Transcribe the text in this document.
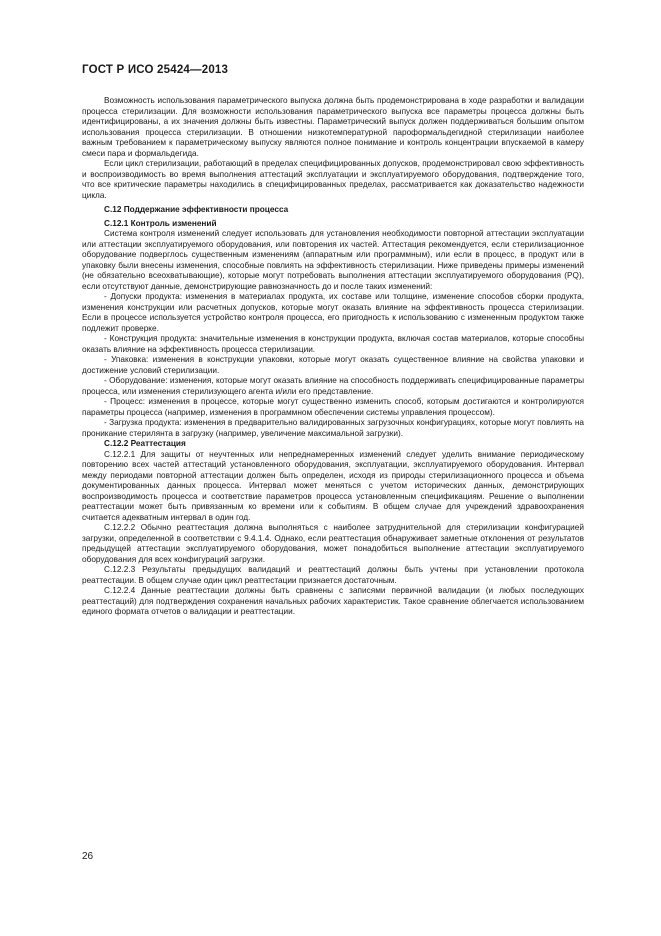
ГОСТ Р ИСО 25424—2013

Возможность использования параметрического выпуска должна быть продемонстрирована в ходе разработки и валидации процесса стерилизации. Для возможности использования параметрического выпуска все параметры процесса должны быть идентифицированы, а их значения должны быть известны. Параметрический выпуск должен поддерживаться большим опытом использования процесса стерилизации. В отношении низкотемпературной пароформальдегидной стерилизации наиболее важным требованием к параметрическому выпуску являются полное понимание и контроль концентрации впускаемой в камеру смеси пара и формальдегида.

Если цикл стерилизации, работающий в пределах специфицированных допусков, продемонстрировал свою эффективность и воспроизводимость во время выполнения аттестаций эксплуатации и эксплуатируемого оборудования, подтверждение того, что все критические параметры находились в специфицированных пределах, рассматривается как доказательство надежности цикла.

С.12 Поддержание эффективности процесса

С.12.1 Контроль изменений

Система контроля изменений следует использовать для установления необходимости повторной аттестации эксплуатации или аттестации эксплуатируемого оборудования, или повторения их частей. Аттестация рекомендуется, если стерилизационное оборудование подверглось существенным изменениям (аппаратным или программным), или если в процесс, в продукт или в упаковку были внесены изменения, способные повлиять на эффективность стерилизации. Ниже приведены примеры изменений (не обязательно всеохватывающие), которые могут потребовать выполнения аттестации эксплуатируемого оборудования (PQ), если отсутствуют данные, демонстрирующие равнозначность до и после таких изменений:

- Допуски продукта: изменения в материалах продукта, их составе или толщине, изменение способов сборки продукта, изменения конструкции или расчетных допусков, которые могут оказать влияние на эффективность процесса стерилизации. Если в процессе используется устройство контроля процесса, его пригодность к использованию с измененным продуктом также подлежит проверке.

- Конструкция продукта: значительные изменения в конструкции продукта, включая состав материалов, которые способны оказать влияние на эффективность процесса стерилизации.

- Упаковка: изменения в конструкции упаковки, которые могут оказать существенное влияние на свойства упаковки и достижение условий стерилизации.

- Оборудование: изменения, которые могут оказать влияние на способность поддерживать специфицированные параметры процесса, или изменения стерилизующего агента и/или его представление.

- Процесс: изменения в процессе, которые могут существенно изменить способ, которым достигаются и контролируются параметры процесса (например, изменения в программном обеспечении системы управления процессом).

- Загрузка продукта: изменения в предварительно валидированных загрузочных конфигурациях, которые могут повлиять на проникание стерилянта в загрузку (например, увеличение максимальной загрузки).

С.12.2 Реаттестация

С.12.2.1 Для защиты от неучтенных или непреднамеренных изменений следует уделить внимание периодическому повторению всех частей аттестаций установленного оборудования, эксплуатации, эксплуатируемого оборудования. Интервал между периодами повторной аттестации должен быть определен, исходя из природы стерилизационного процесса и объема документированных данных процесса. Интервал может меняться с учетом исторических данных, демонстрирующих воспроизводимость процесса и соответствие параметров процесса установленным спецификациям. Решение о выполнении реаттестации может быть привязанным ко времени или к событиям. В общем случае для учреждений здравоохранения считается адекватным интервал в один год.

С.12.2.2 Обычно реаттестация должна выполняться с наиболее затруднительной для стерилизации конфигурацией загрузки, определенной в соответствии с 9.4.1.4. Однако, если реаттестация обнаруживает заметные отклонения от результатов предыдущей аттестации эксплуатируемого оборудования, может понадобиться выполнение аттестации эксплуатируемого оборудования для всех конфигураций загрузки.

С.12.2.3 Результаты предыдущих валидаций и реаттестаций должны быть учтены при установлении протокола реаттестации. В общем случае один цикл реаттестации признается достаточным.

С.12.2.4 Данные реаттестации должны быть сравнены с записями первичной валидации (и любых последующих реаттестаций) для подтверждения сохранения начальных рабочих характеристик. Такое сравнение облегчается использованием единого формата отчетов о валидации и реаттестации.

26
